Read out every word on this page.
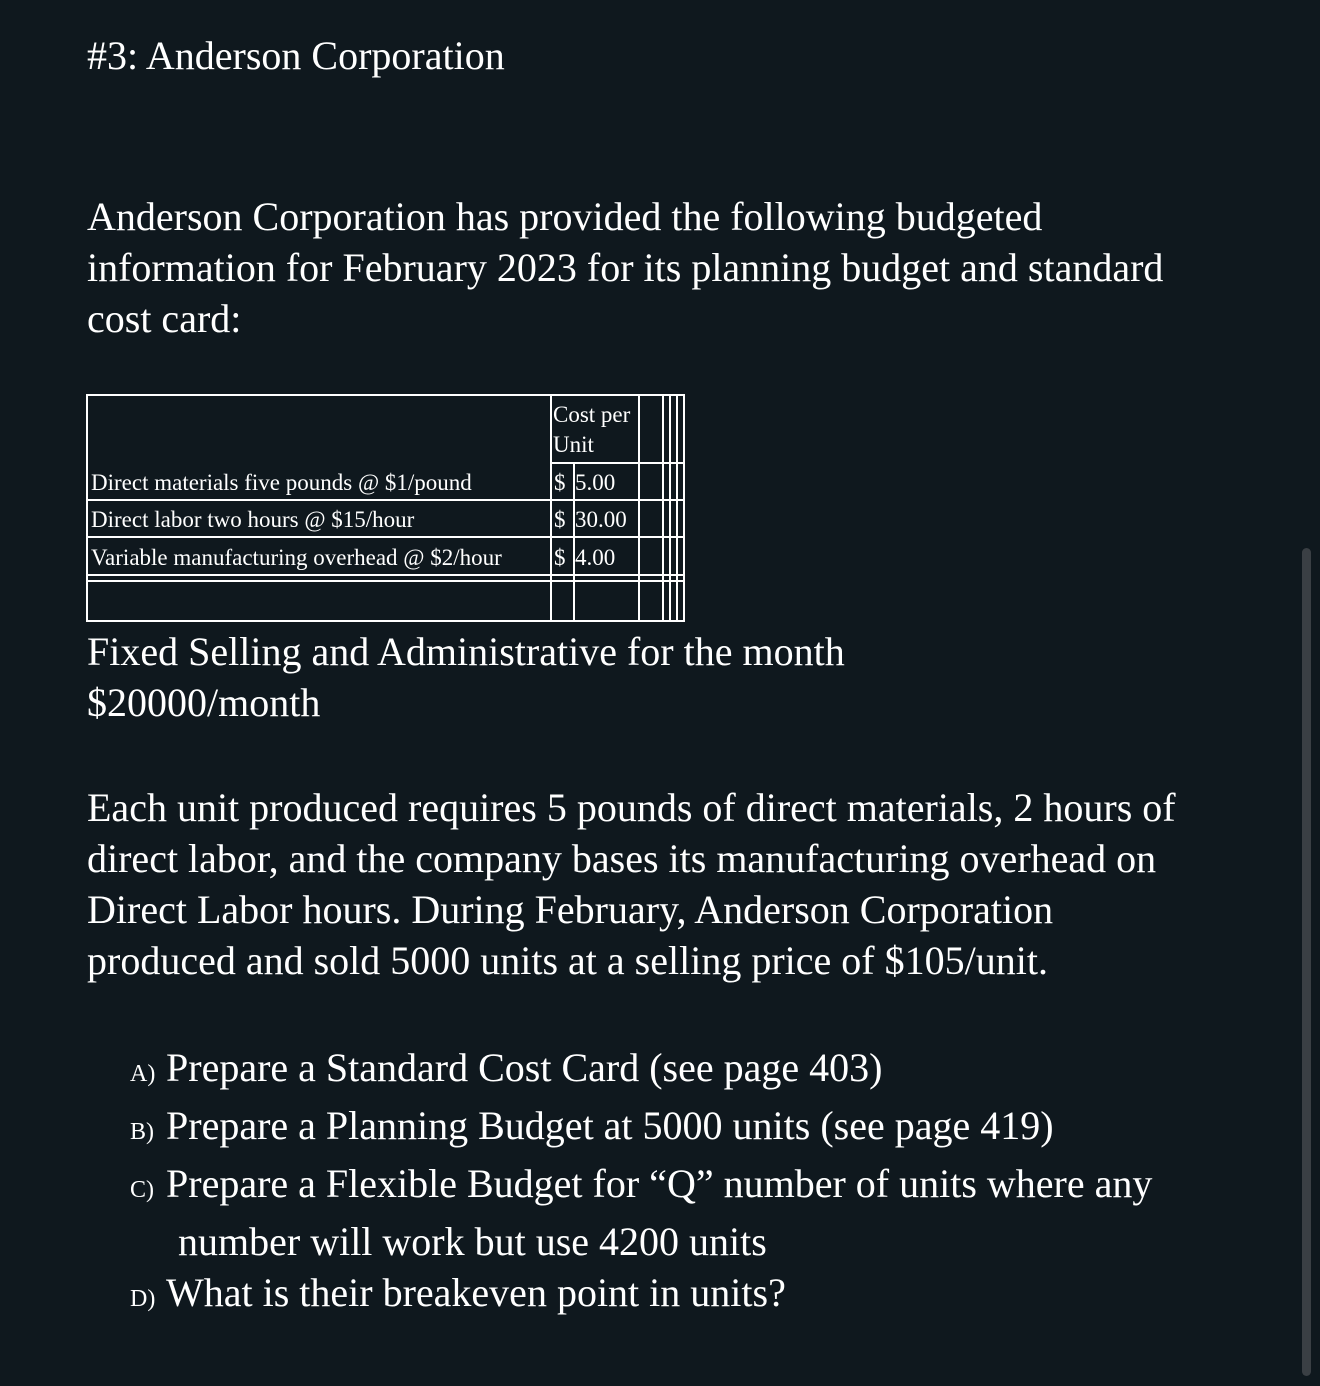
#3: Anderson Corporation

Anderson Corporation has provided the following budgeted
information for February 2023 for its planning budget and standard
cost card:

Cost per
Unit
Direct materials five pounds @ $1/pound	$ 5.00
Direct labor two hours @ $15/hour	$ 30.00
Variable manufacturing overhead @ $2/hour $ 4.00

Fixed Selling and Administrative for the month
$20000/month

Each unit produced requires 5 pounds of direct materials, 2 hours of
direct labor, and the company bases its manufacturing overhead on
Direct Labor hours. During February, Anderson Corporation
produced and sold 5000 units at a selling price of $105/unit.

A) Prepare a Standard Cost Card (see page 403)
B) Prepare a Planning Budget at 5000 units (see page 419)
C) Prepare a Flexible Budget for “Q” number of units where any
number will work but use 4200 units
D) What is their breakeven point in units?
